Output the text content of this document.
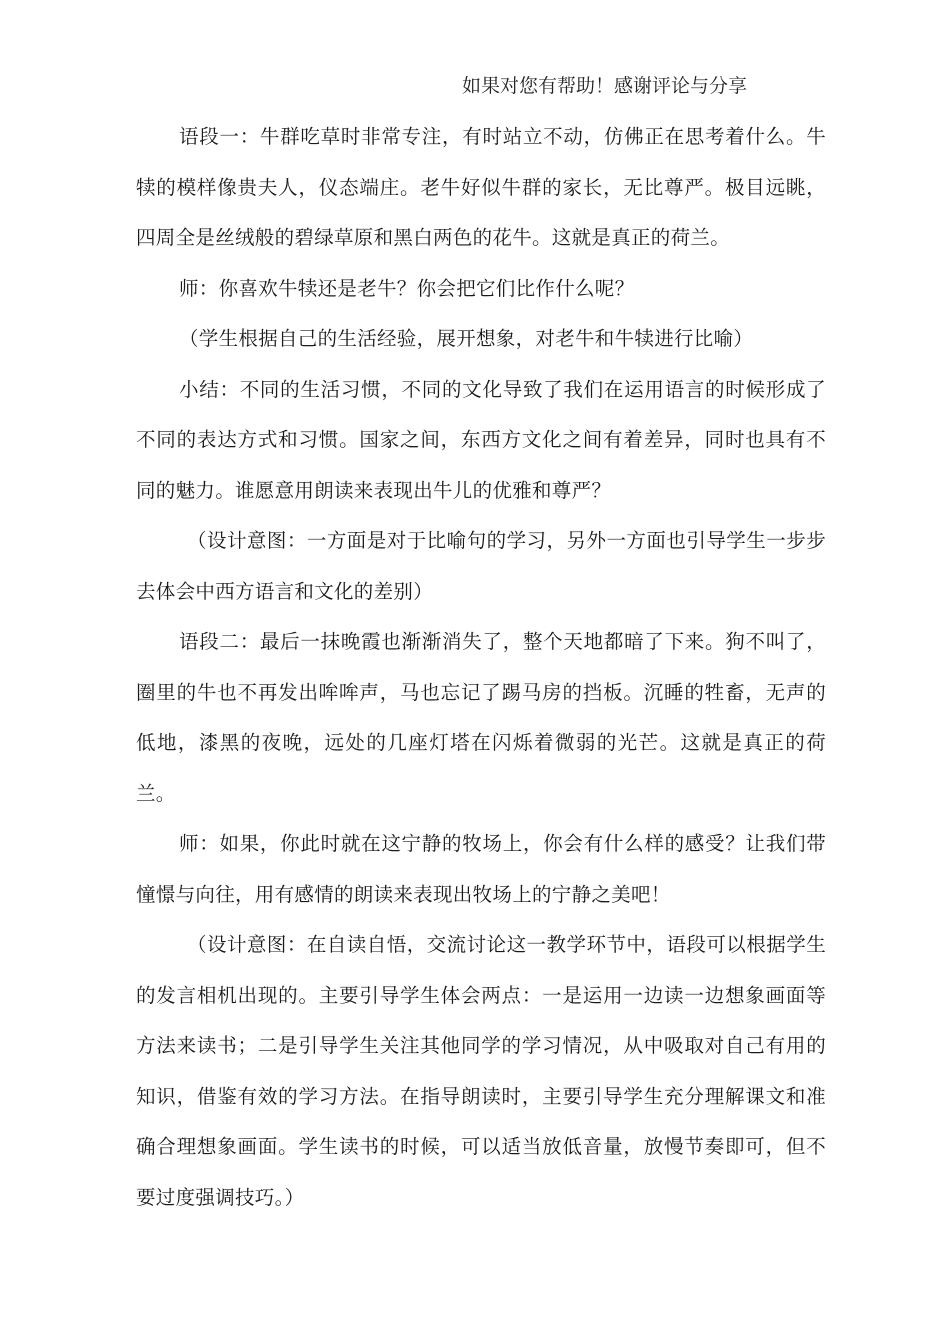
如果对您有帮助！感谢评论与分享

语段一：牛群吃草时非常专注，有时站立不动，仿佛正在思考着什么。牛犊的模样像贵夫人，仪态端庄。老牛好似牛群的家长，无比尊严。极目远眺，四周全是丝绒般的碧绿草原和黑白两色的花牛。这就是真正的荷兰。

师：你喜欢牛犊还是老牛？你会把它们比作什么呢？

（学生根据自己的生活经验，展开想象，对老牛和牛犊进行比喻）

小结：不同的生活习惯，不同的文化导致了我们在运用语言的时候形成了不同的表达方式和习惯。国家之间，东西方文化之间有着差异，同时也具有不同的魅力。谁愿意用朗读来表现出牛儿的优雅和尊严？

（设计意图：一方面是对于比喻句的学习，另外一方面也引导学生一步步去体会中西方语言和文化的差别）

语段二：最后一抹晚霞也渐渐消失了，整个天地都暗了下来。狗不叫了，圈里的牛也不再发出哞哞声，马也忘记了踢马房的挡板。沉睡的牲畜，无声的低地，漆黑的夜晚，远处的几座灯塔在闪烁着微弱的光芒。这就是真正的荷兰。

师：如果，你此时就在这宁静的牧场上，你会有什么样的感受？让我们带憧憬与向往，用有感情的朗读来表现出牧场上的宁静之美吧！

（设计意图：在自读自悟，交流讨论这一教学环节中，语段可以根据学生的发言相机出现的。主要引导学生体会两点：一是运用一边读一边想象画面等方法来读书；二是引导学生关注其他同学的学习情况，从中吸取对自己有用的知识，借鉴有效的学习方法。在指导朗读时，主要引导学生充分理解课文和准确合理想象画面。学生读书的时候，可以适当放低音量，放慢节奏即可，但不要过度强调技巧。）
